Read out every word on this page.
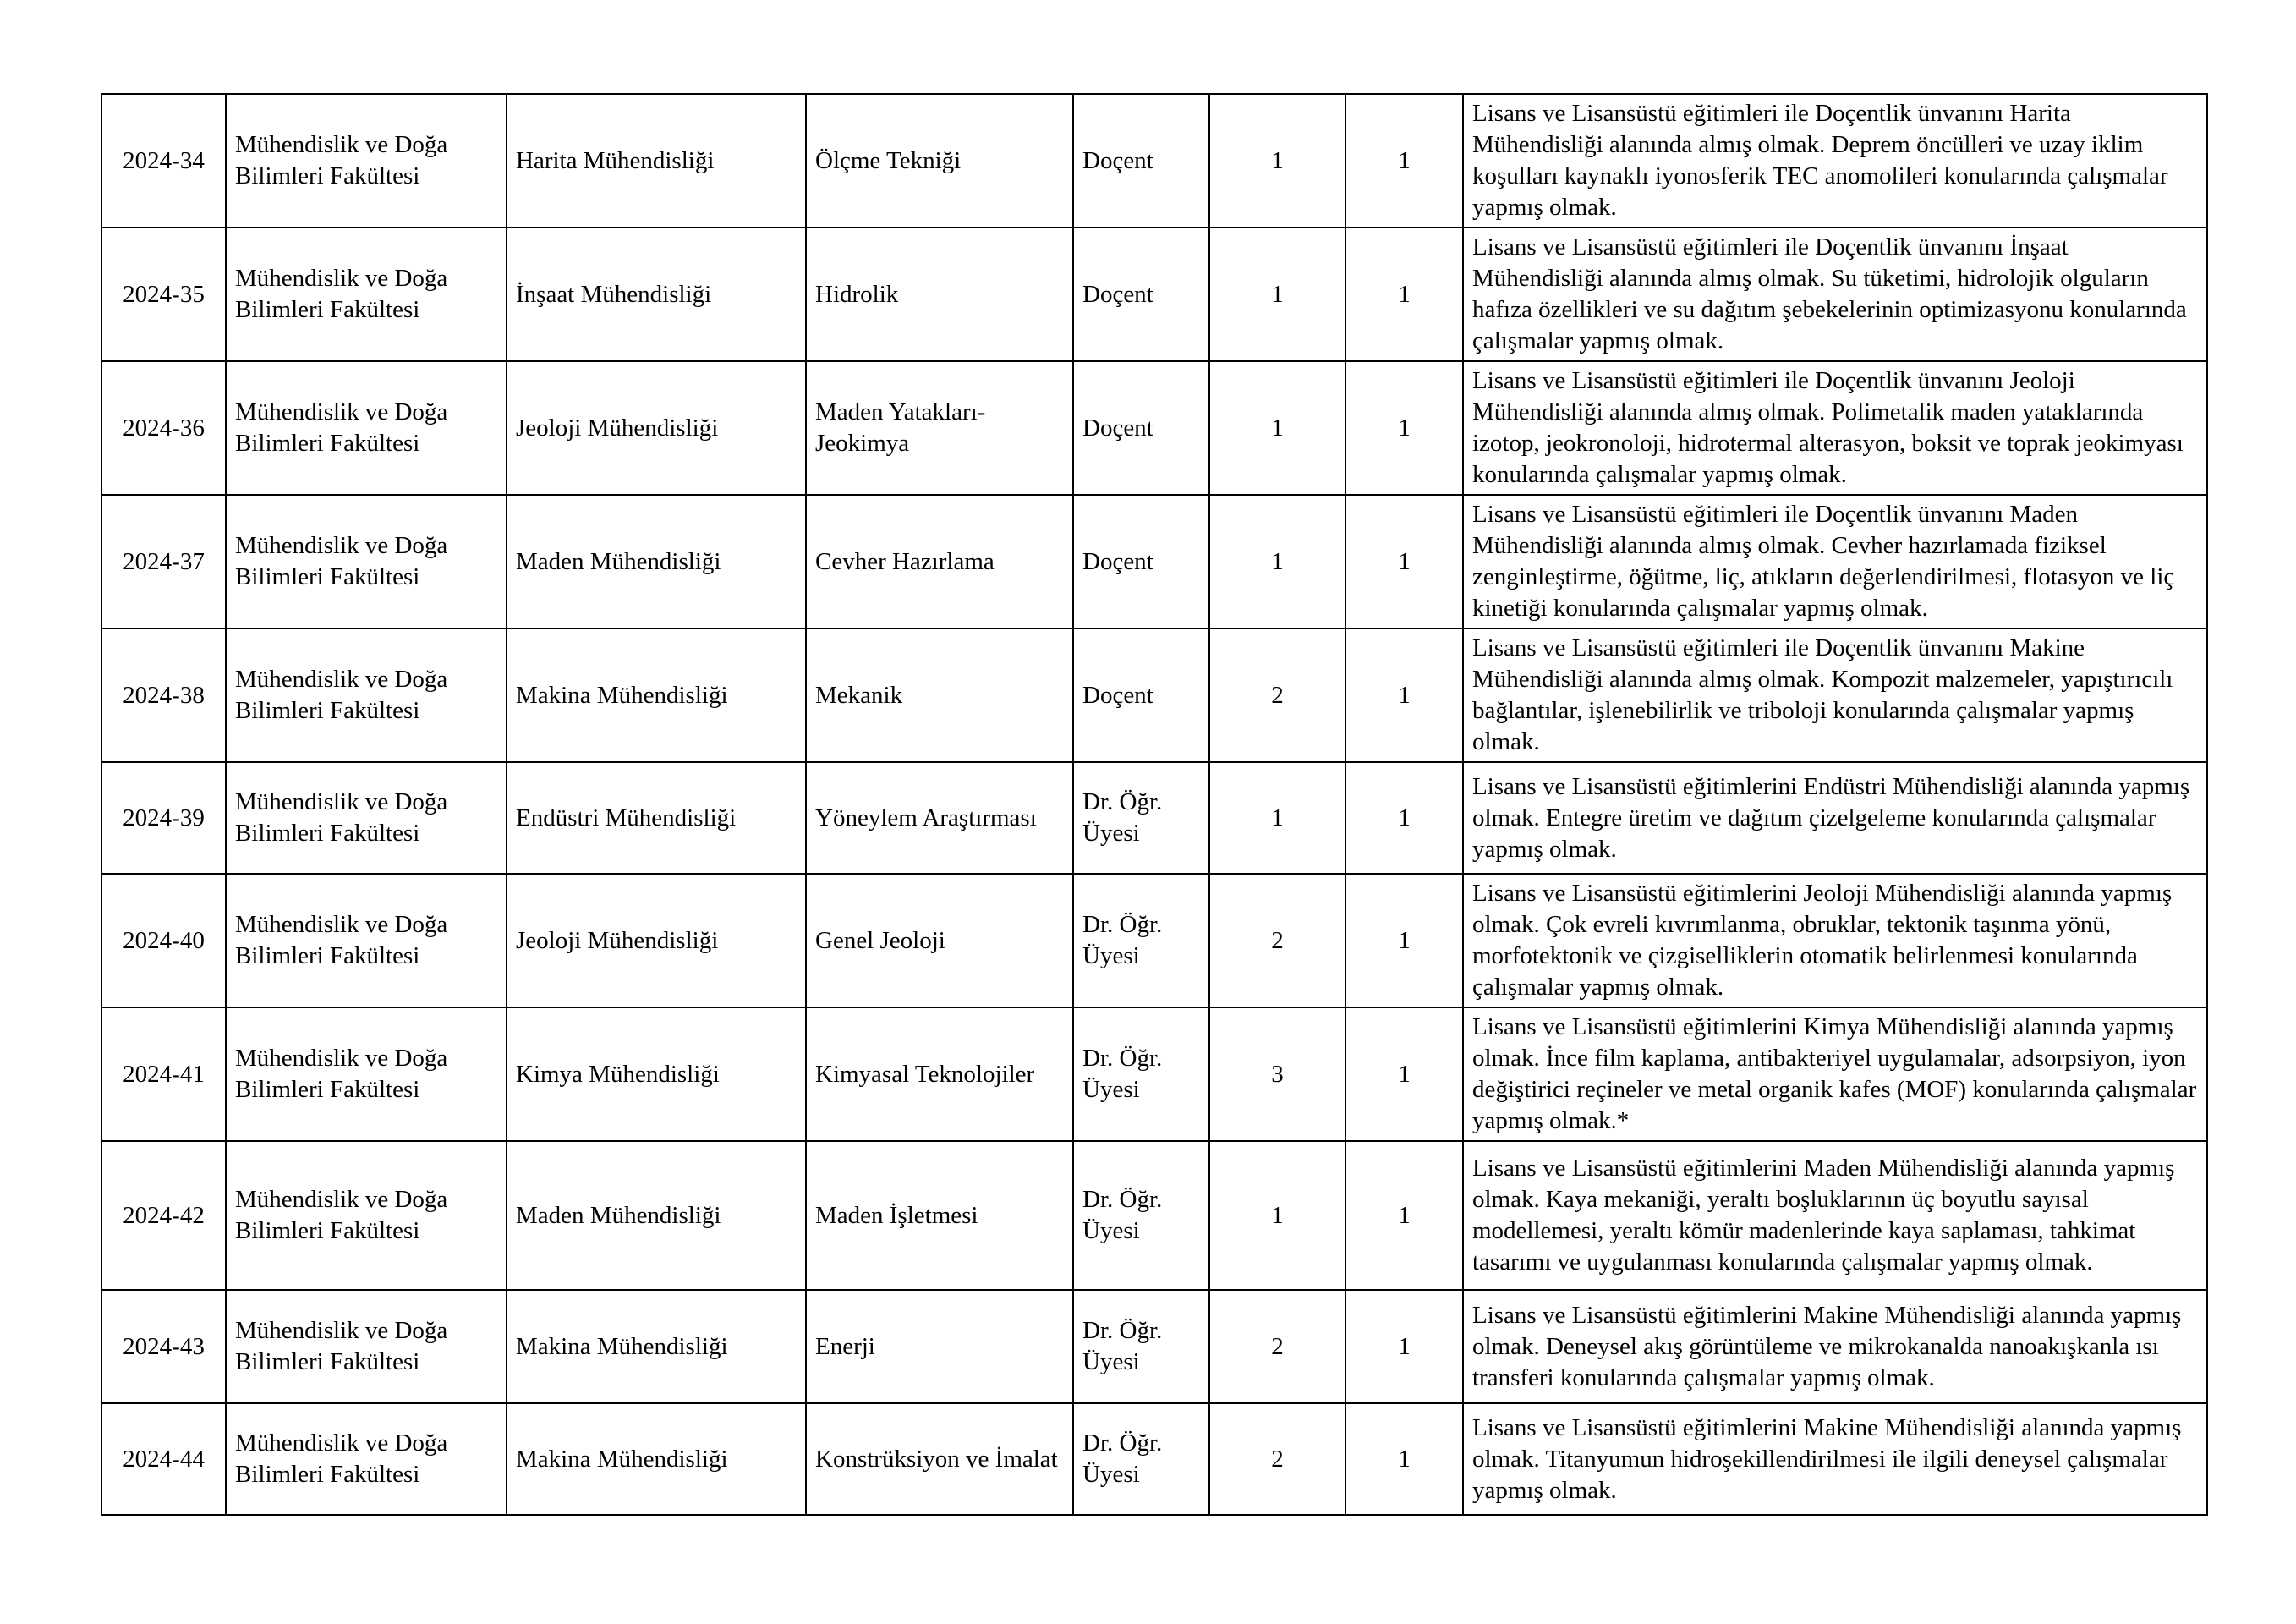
2024-34	Mühendislik ve Doğa Bilimleri Fakültesi	Harita Mühendisliği	Ölçme Tekniği	Doçent	1	1	Lisans ve Lisansüstü eğitimleri ile Doçentlik ünvanını Harita Mühendisliği alanında almış olmak. Deprem öncülleri ve uzay iklim koşulları kaynaklı iyonosferik TEC anomolileri konularında çalışmalar yapmış olmak.
2024-35	Mühendislik ve Doğa Bilimleri Fakültesi	İnşaat Mühendisliği	Hidrolik	Doçent	1	1	Lisans ve Lisansüstü eğitimleri ile Doçentlik ünvanını İnşaat Mühendisliği alanında almış olmak. Su tüketimi, hidrolojik olguların hafıza özellikleri ve su dağıtım şebekelerinin optimizasyonu konularında çalışmalar yapmış olmak.
2024-36	Mühendislik ve Doğa Bilimleri Fakültesi	Jeoloji Mühendisliği	Maden Yatakları-Jeokimya	Doçent	1	1	Lisans ve Lisansüstü eğitimleri ile Doçentlik ünvanını Jeoloji Mühendisliği alanında almış olmak. Polimetalik maden yataklarında izotop, jeokronoloji, hidrotermal alterasyon, boksit ve toprak jeokimyası konularında çalışmalar yapmış olmak.
2024-37	Mühendislik ve Doğa Bilimleri Fakültesi	Maden Mühendisliği	Cevher Hazırlama	Doçent	1	1	Lisans ve Lisansüstü eğitimleri ile Doçentlik ünvanını Maden Mühendisliği alanında almış olmak. Cevher hazırlamada fiziksel zenginleştirme, öğütme, liç, atıkların değerlendirilmesi, flotasyon ve liç kinetiği konularında çalışmalar yapmış olmak.
2024-38	Mühendislik ve Doğa Bilimleri Fakültesi	Makina Mühendisliği	Mekanik	Doçent	2	1	Lisans ve Lisansüstü eğitimleri ile Doçentlik ünvanını Makine Mühendisliği alanında almış olmak. Kompozit malzemeler, yapıştırıcılı bağlantılar, işlenebilirlik ve triboloji konularında çalışmalar yapmış olmak.
2024-39	Mühendislik ve Doğa Bilimleri Fakültesi	Endüstri Mühendisliği	Yöneylem Araştırması	Dr. Öğr. Üyesi	1	1	Lisans ve Lisansüstü eğitimlerini Endüstri Mühendisliği alanında yapmış olmak. Entegre üretim ve dağıtım çizelgeleme konularında çalışmalar yapmış olmak.
2024-40	Mühendislik ve Doğa Bilimleri Fakültesi	Jeoloji Mühendisliği	Genel Jeoloji	Dr. Öğr. Üyesi	2	1	Lisans ve Lisansüstü eğitimlerini Jeoloji Mühendisliği alanında yapmış olmak. Çok evreli kıvrımlanma, obruklar, tektonik taşınma yönü, morfotektonik ve çizgiselliklerin otomatik belirlenmesi konularında çalışmalar yapmış olmak.
2024-41	Mühendislik ve Doğa Bilimleri Fakültesi	Kimya Mühendisliği	Kimyasal Teknolojiler	Dr. Öğr. Üyesi	3	1	Lisans ve Lisansüstü eğitimlerini Kimya Mühendisliği alanında yapmış olmak. İnce film kaplama, antibakteriyel uygulamalar, adsorpsiyon, iyon değiştirici reçineler ve metal organik kafes (MOF) konularında çalışmalar yapmış olmak.*
2024-42	Mühendislik ve Doğa Bilimleri Fakültesi	Maden Mühendisliği	Maden İşletmesi	Dr. Öğr. Üyesi	1	1	Lisans ve Lisansüstü eğitimlerini Maden Mühendisliği alanında yapmış olmak. Kaya mekaniği, yeraltı boşluklarının üç boyutlu sayısal modellemesi, yeraltı kömür madenlerinde kaya saplaması, tahkimat tasarımı ve uygulanması konularında çalışmalar yapmış olmak.
2024-43	Mühendislik ve Doğa Bilimleri Fakültesi	Makina Mühendisliği	Enerji	Dr. Öğr. Üyesi	2	1	Lisans ve Lisansüstü eğitimlerini Makine Mühendisliği alanında yapmış olmak. Deneysel akış görüntüleme ve mikrokanalda nanoakışkanla ısı transferi konularında çalışmalar yapmış olmak.
2024-44	Mühendislik ve Doğa Bilimleri Fakültesi	Makina Mühendisliği	Konstrüksiyon ve İmalat	Dr. Öğr. Üyesi	2	1	Lisans ve Lisansüstü eğitimlerini Makine Mühendisliği alanında yapmış olmak. Titanyumun hidroşekillendirilmesi ile ilgili deneysel çalışmalar yapmış olmak.
